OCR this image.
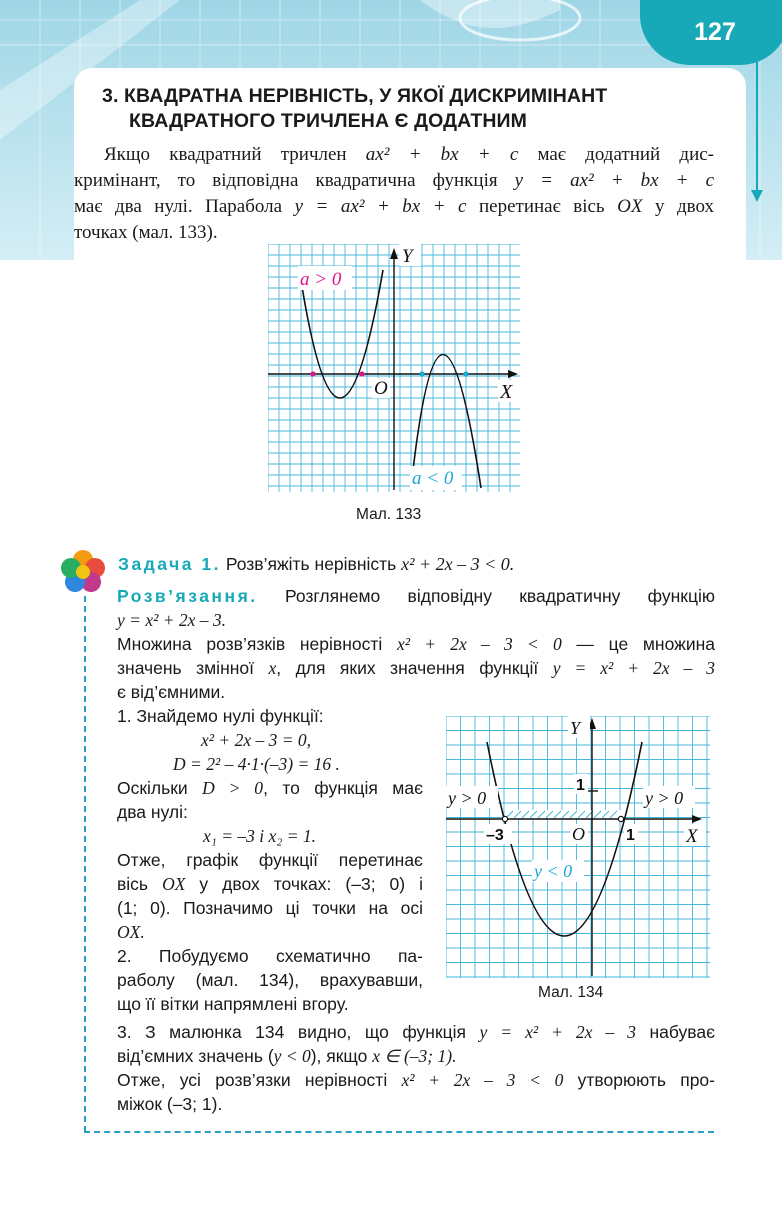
127
3. КВАДРАТНА НЕРІВНІСТЬ, У ЯКОЇ ДИСКРИМІНАНТ
КВАДРАТНОГО ТРИЧЛЕНА Є ДОДАТНИМ
Якщо квадратний тричлен ax² + bx + c має додатний дис-
кримінант, то відповідна квадратична функція y = ax² + bx + c
має два нулі. Парабола y = ax² + bx + c перетинає вісь OX у двох
точках (мал. 133).
a > 0
a < 0
Y
X
O
Мал. 133
Задача 1. Розв’яжіть нерівність x² + 2x – 3 < 0.
Розв’язання. Розглянемо відповідну квадратичну функцію
y = x² + 2x – 3.
Множина розв’язків нерівності x² + 2x – 3 < 0 — це множина
значень змінної x, для яких значення функції y = x² + 2x – 3
є від’ємними.
1. Знайдемо нулі функції:
x² + 2x – 3 = 0,
D = 2² – 4·1·(–3) = 16 .
Оскільки D > 0, то функція має
два нулі:
x₁ = –3 і x₂ = 1.
Отже, графік функції перетинає
вісь OX у двох точках: (–3; 0) і
(1; 0). Позначимо ці точки на осі
OX.
2. Побудуємо схематично па-
раболу (мал. 134), врахувавши,
що її вітки напрямлені вгору.
y > 0	y > 0
y < 0
Y
X
O
1
–3	1
Мал. 134
3. З малюнка 134 видно, що функція y = x² + 2x – 3 набуває
від’ємних значень (y < 0), якщо x ∈ (–3; 1).
Отже, усі розв’язки нерівності x² + 2x – 3 < 0 утворюють про-
міжок (–3; 1).
